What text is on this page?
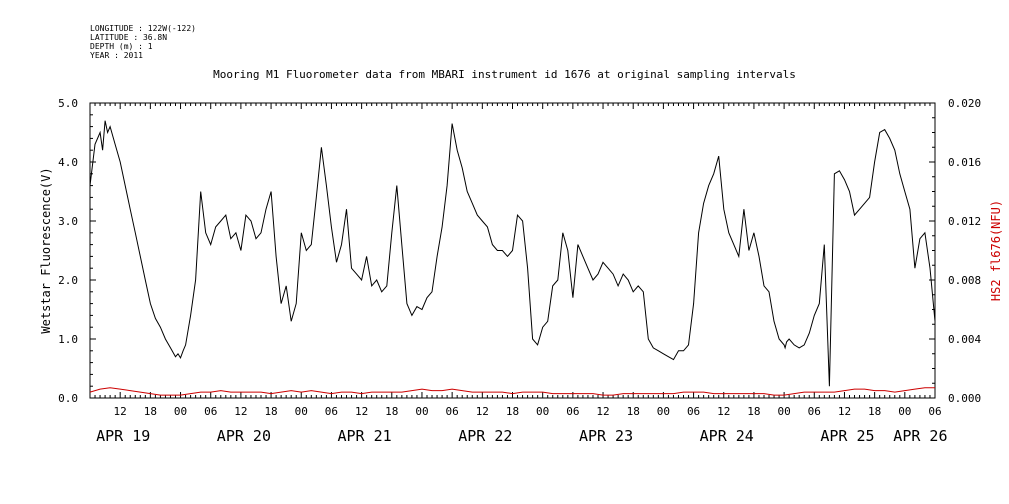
LONGITUDE : 122W(-122)
LATITUDE : 36.8N
DEPTH (m) : 1
YEAR : 2011
Mooring M1 Fluorometer data from MBARI instrument id 1676 at original sampling intervals
12 18 00 06 12 18 00 06 12 18 00 06 12 18 00 06 12 18 00 06 12 18 00 06 12 18 00 06
APR 19	APR 20	APR 21	APR 22	APR 23	APR 24	APR 25 APR 26
0.0
1.0
2.0
3.0
4.0
5.0
0.000
0.004
0.008
0.012
0.016
0.020
Wetstar Fluorescence(V)	HS2 fl676(NFU)
